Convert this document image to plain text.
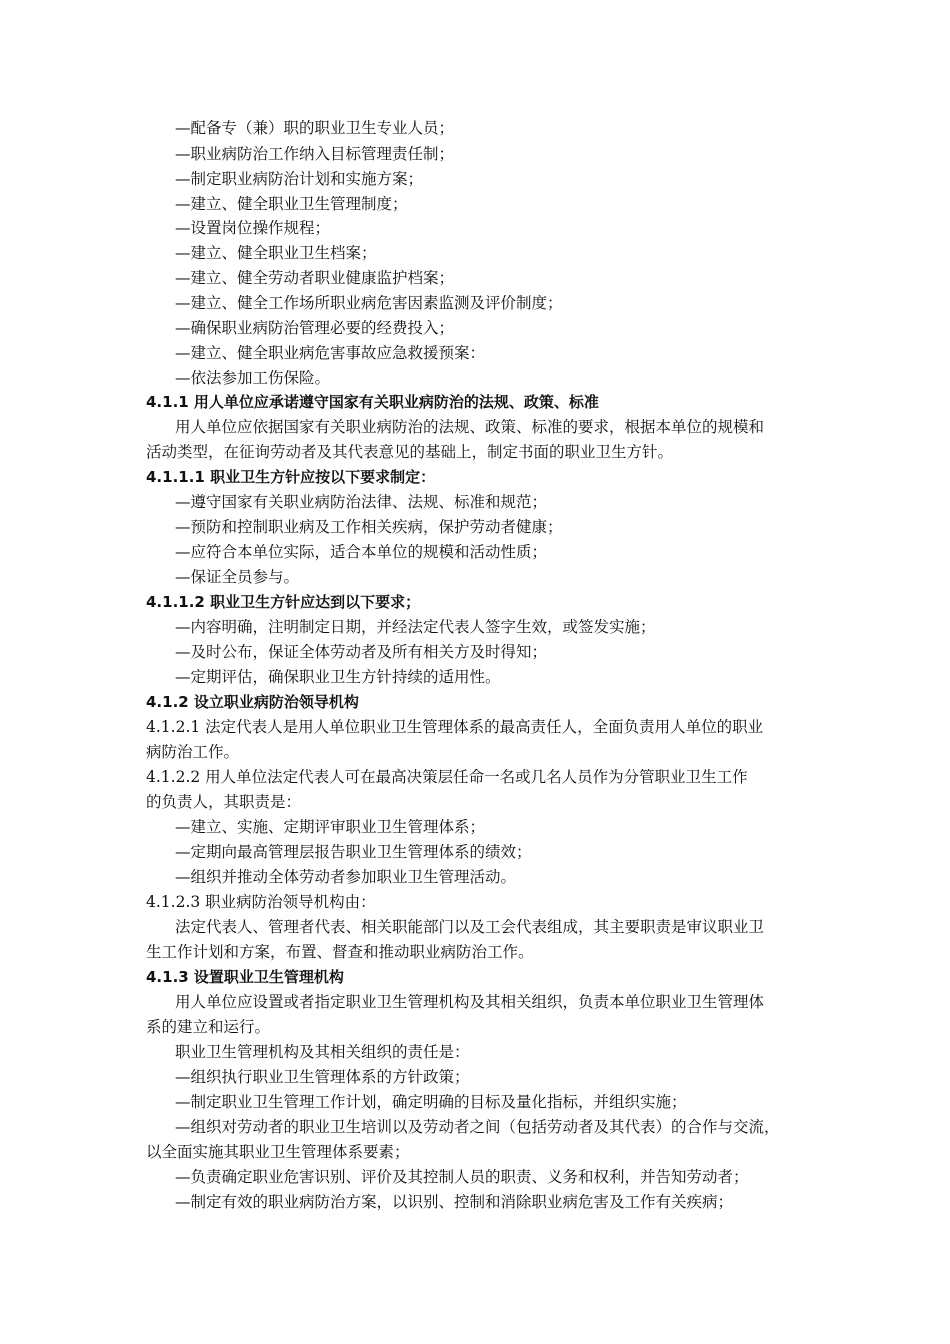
—配备专（兼）职的职业卫生专业人员；
—职业病防治工作纳入目标管理责任制；
—制定职业病防治计划和实施方案；
—建立、健全职业卫生管理制度；
—设置岗位操作规程；
—建立、健全职业卫生档案；
—建立、健全劳动者职业健康监护档案；
—建立、健全工作场所职业病危害因素监测及评价制度；
—确保职业病防治管理必要的经费投入；
—建立、健全职业病危害事故应急救援预案：
—依法参加工伤保险。
4.1.1 用人单位应承诺遵守国家有关职业病防治的法规、政策、标准
用人单位应依据国家有关职业病防治的法规、政策、标准的要求，根据本单位的规模和
活动类型，在征询劳动者及其代表意见的基础上，制定书面的职业卫生方针。
4.1.1.1 职业卫生方针应按以下要求制定：
—遵守国家有关职业病防治法律、法规、标准和规范；
—预防和控制职业病及工作相关疾病，保护劳动者健康；
—应符合本单位实际，适合本单位的规模和活动性质；
—保证全员参与。
4.1.1.2 职业卫生方针应达到以下要求；
—内容明确，注明制定日期，并经法定代表人签字生效，或签发实施；
—及时公布，保证全体劳动者及所有相关方及时得知；
—定期评估，确保职业卫生方针持续的适用性。
4.1.2 设立职业病防治领导机构
4.1.2.1 法定代表人是用人单位职业卫生管理体系的最高责任人，全面负责用人单位的职业
病防治工作。
4.1.2.2 用人单位法定代表人可在最高决策层任命一名或几名人员作为分管职业卫生工作
的负责人，其职责是：
—建立、实施、定期评审职业卫生管理体系；
—定期向最高管理层报告职业卫生管理体系的绩效；
—组织并推动全体劳动者参加职业卫生管理活动。
4.1.2.3 职业病防治领导机构由：
法定代表人、管理者代表、相关职能部门以及工会代表组成，其主要职责是审议职业卫
生工作计划和方案，布置、督查和推动职业病防治工作。
4.1.3 设置职业卫生管理机构
用人单位应设置或者指定职业卫生管理机构及其相关组织，负责本单位职业卫生管理体
系的建立和运行。
职业卫生管理机构及其相关组织的责任是：
—组织执行职业卫生管理体系的方针政策；
—制定职业卫生管理工作计划，确定明确的目标及量化指标，并组织实施；
—组织对劳动者的职业卫生培训以及劳动者之间（包括劳动者及其代表）的合作与交流，
以全面实施其职业卫生管理体系要素；
—负责确定职业危害识别、评价及其控制人员的职责、义务和权利，并告知劳动者；
—制定有效的职业病防治方案，以识别、控制和消除职业病危害及工作有关疾病；
